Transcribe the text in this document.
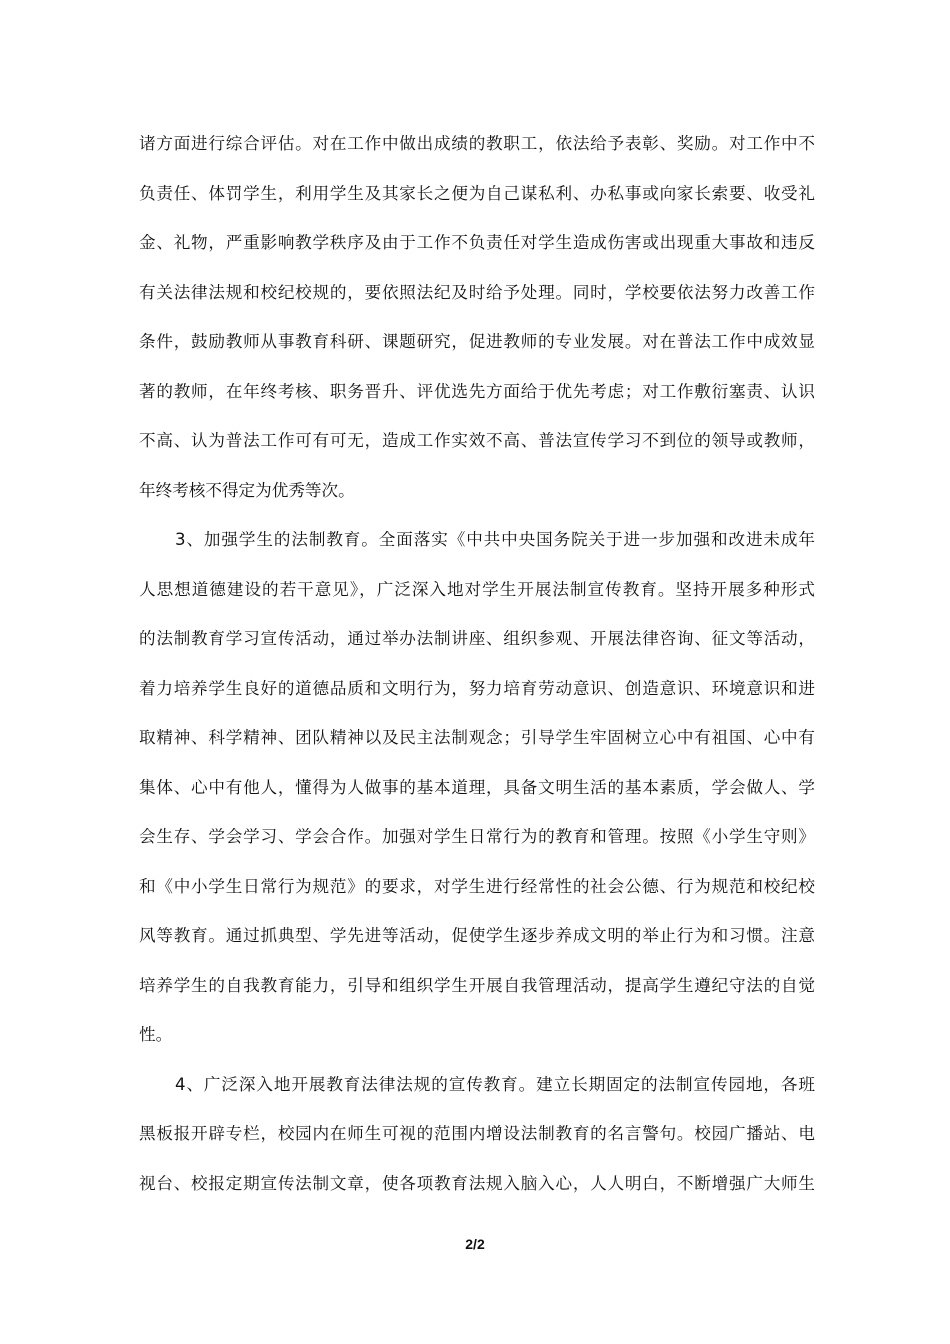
诸方面进行综合评估。对在工作中做出成绩的教职工，依法给予表彰、奖励。对工作中不
负责任、体罚学生，利用学生及其家长之便为自己谋私利、办私事或向家长索要、收受礼
金、礼物，严重影响教学秩序及由于工作不负责任对学生造成伤害或出现重大事故和违反
有关法律法规和校纪校规的，要依照法纪及时给予处理。同时，学校要依法努力改善工作
条件，鼓励教师从事教育科研、课题研究，促进教师的专业发展。对在普法工作中成效显
著的教师，在年终考核、职务晋升、评优选先方面给于优先考虑；对工作敷衍塞责、认识
不高、认为普法工作可有可无，造成工作实效不高、普法宣传学习不到位的领导或教师，
年终考核不得定为优秀等次。
3、加强学生的法制教育。全面落实《中共中央国务院关于进一步加强和改进未成年
人思想道德建设的若干意见》，广泛深入地对学生开展法制宣传教育。坚持开展多种形式
的法制教育学习宣传活动，通过举办法制讲座、组织参观、开展法律咨询、征文等活动，
着力培养学生良好的道德品质和文明行为，努力培育劳动意识、创造意识、环境意识和进
取精神、科学精神、团队精神以及民主法制观念；引导学生牢固树立心中有祖国、心中有
集体、心中有他人，懂得为人做事的基本道理，具备文明生活的基本素质，学会做人、学
会生存、学会学习、学会合作。加强对学生日常行为的教育和管理。按照《小学生守则》
和《中小学生日常行为规范》的要求，对学生进行经常性的社会公德、行为规范和校纪校
风等教育。通过抓典型、学先进等活动，促使学生逐步养成文明的举止行为和习惯。注意
培养学生的自我教育能力，引导和组织学生开展自我管理活动，提高学生遵纪守法的自觉
性。
4、广泛深入地开展教育法律法规的宣传教育。建立长期固定的法制宣传园地，各班
黑板报开辟专栏，校园内在师生可视的范围内增设法制教育的名言警句。校园广播站、电
视台、校报定期宣传法制文章，使各项教育法规入脑入心，人人明白，不断增强广大师生
2/2
